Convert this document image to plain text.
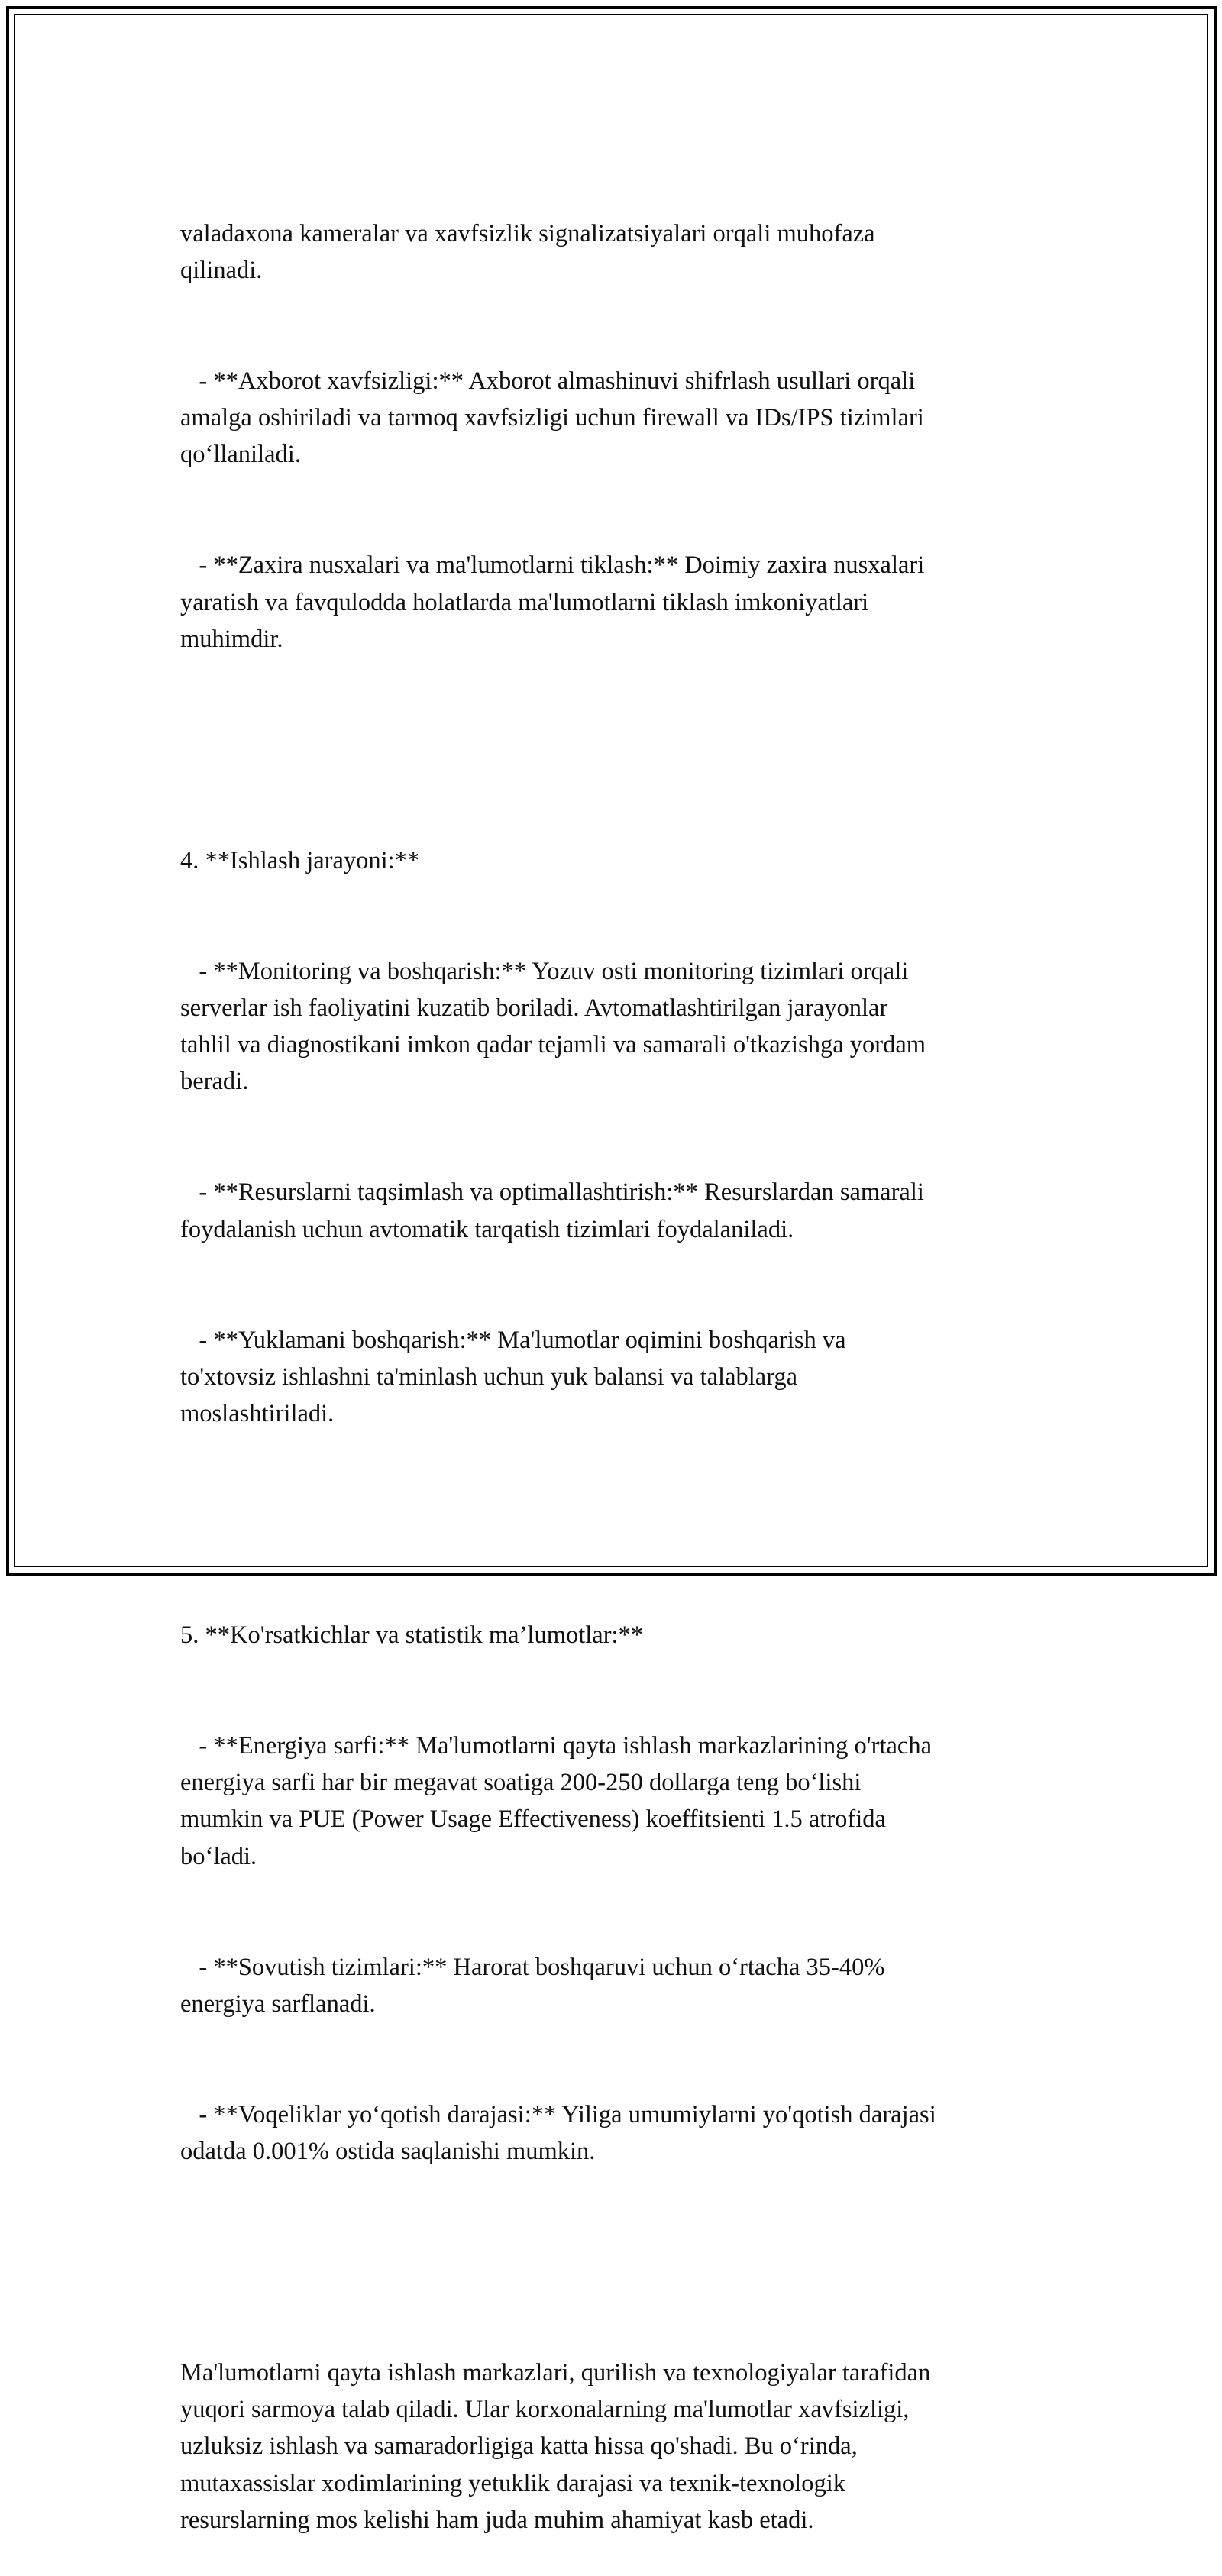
valadaxona kameralar va xavfsizlik signalizatsiyalari orqali muhofaza
qilinadi.

- **Axborot xavfsizligi:** Axborot almashinuvi shifrlash usullari orqali
amalga oshiriladi va tarmoq xavfsizligi uchun firewall va IDs/IPS tizimlari
qo‘llaniladi.

- **Zaxira nusxalari va ma'lumotlarni tiklash:** Doimiy zaxira nusxalari
yaratish va favqulodda holatlarda ma'lumotlarni tiklash imkoniyatlari
muhimdir.

4. **Ishlash jarayoni:**

- **Monitoring va boshqarish:** Yozuv osti monitoring tizimlari orqali
serverlar ish faoliyatini kuzatib boriladi. Avtomatlashtirilgan jarayonlar
tahlil va diagnostikani imkon qadar tejamli va samarali o'tkazishga yordam
beradi.

- **Resurslarni taqsimlash va optimallashtirish:** Resurslardan samarali
foydalanish uchun avtomatik tarqatish tizimlari foydalaniladi.

- **Yuklamani boshqarish:** Ma'lumotlar oqimini boshqarish va
to'xtovsiz ishlashni ta'minlash uchun yuk balansi va talablarga
moslashtiriladi.

5. **Ko'rsatkichlar va statistik ma’lumotlar:**

- **Energiya sarfi:** Ma'lumotlarni qayta ishlash markazlarining o'rtacha
energiya sarfi har bir megavat soatiga 200-250 dollarga teng bo‘lishi
mumkin va PUE (Power Usage Effectiveness) koeffitsienti 1.5 atrofida
bo‘ladi.

- **Sovutish tizimlari:** Harorat boshqaruvi uchun o‘rtacha 35-40%
energiya sarflanadi.

- **Voqeliklar yo‘qotish darajasi:** Yiliga umumiylarni yo'qotish darajasi
odatda 0.001% ostida saqlanishi mumkin.

Ma'lumotlarni qayta ishlash markazlari, qurilish va texnologiyalar tarafidan
yuqori sarmoya talab qiladi. Ular korxonalarning ma'lumotlar xavfsizligi,
uzluksiz ishlash va samaradorligiga katta hissa qo'shadi. Bu o‘rinda,
mutaxassislar xodimlarining yetuklik darajasi va texnik-texnologik
resurslarning mos kelishi ham juda muhim ahamiyat kasb etadi.
